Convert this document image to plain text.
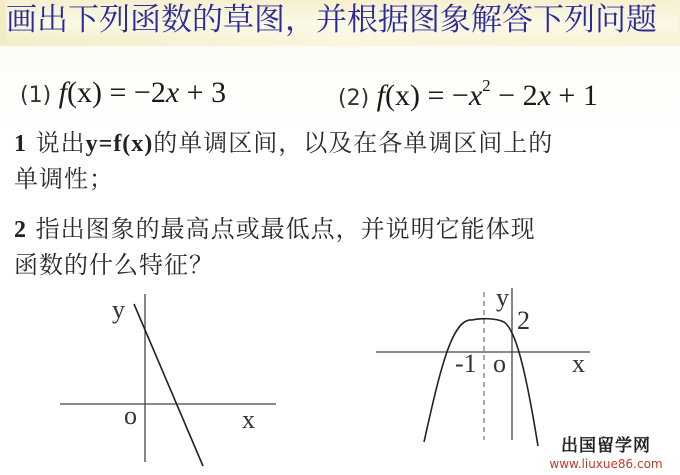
画出下列函数的草图，并根据图象解答下列问题
(1) f(x) = −2x + 3	(2) $f(x) = -x^2 - 2x + 1$
1 说出y=f(x)的单调区间，以及在各单调区间上的
单调性；
2 指出图象的最高点或最低点，并说明它能体现
函数的什么特征？
y
x
o
y
x
-1 o
2
出国留学网
www.liuxue86.com
